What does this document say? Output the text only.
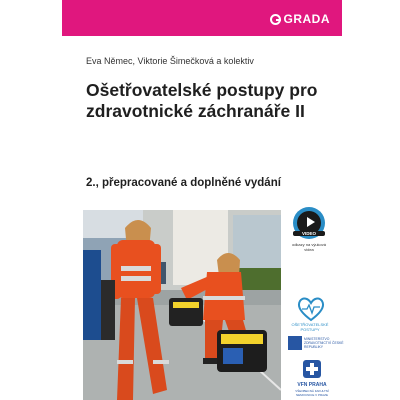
GRADA
Eva Němec, Viktorie Šimečková a kolektiv
Ošetřovatelské postupy pro zdravotnické záchranáře II
2., přepracované a doplněné vydání
VIDEO
odkazy na výuková videa
OŠETŘOVATELSKÉ POSTUPY
MINISTERSTVO ZDRAVOTNICTVÍ ČESKÉ REPUBLIKY
VFN PRAHA
VŠEOBECNÁ FAKULTNÍ NEMOCNICE V PRAZE
